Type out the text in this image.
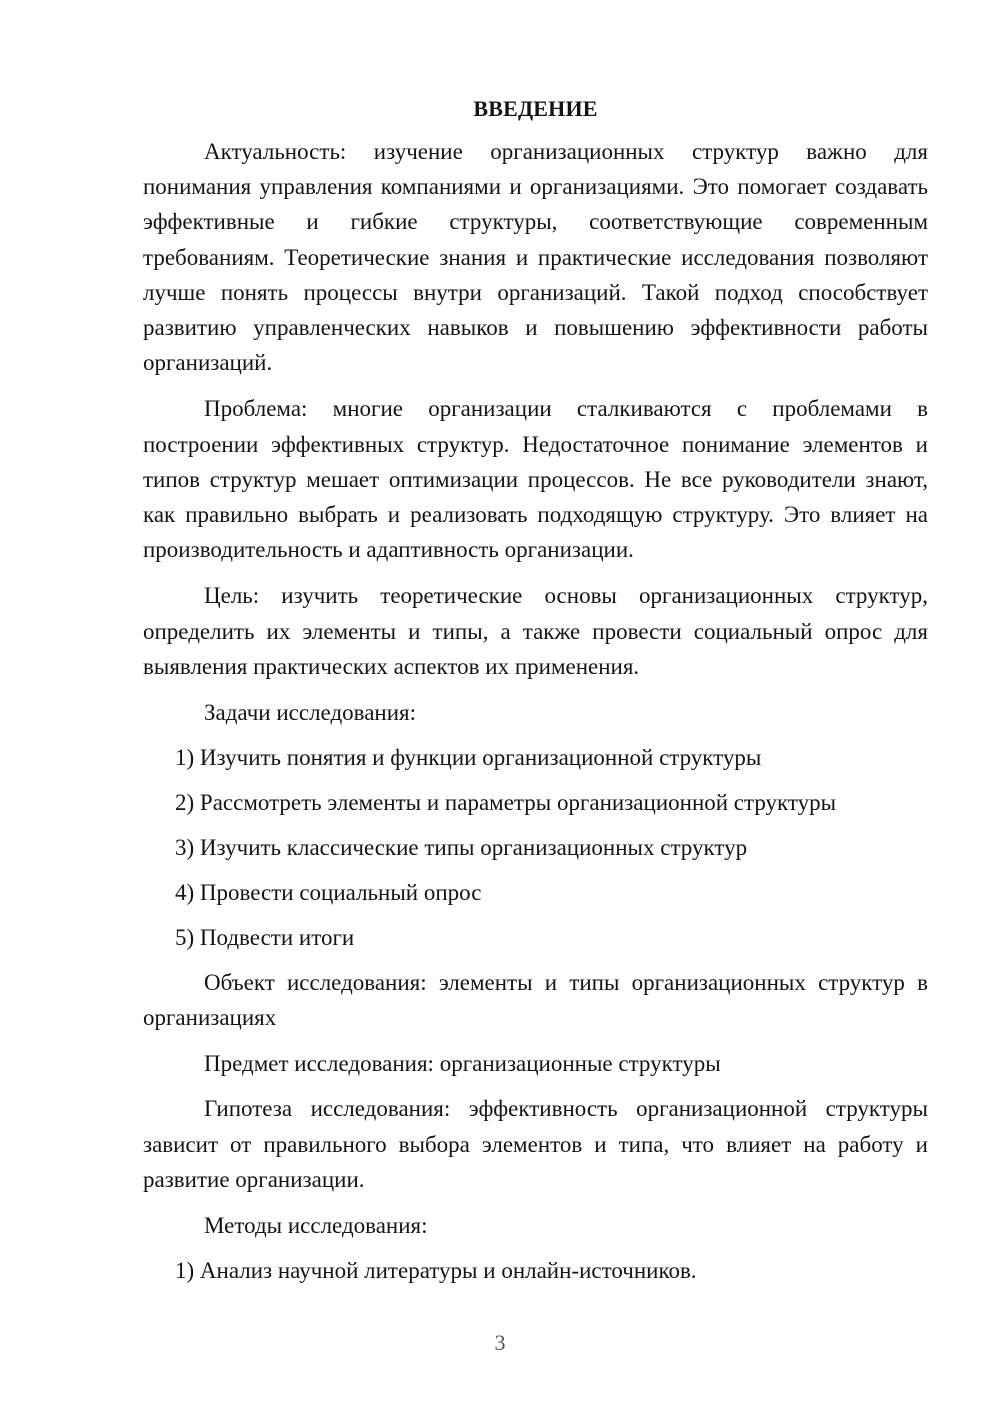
ВВЕДЕНИЕ

Актуальность: изучение организационных структур важно для понимания управления компаниями и организациями. Это помогает создавать эффективные и гибкие структуры, соответствующие современным требованиям. Теоретические знания и практические исследования позволяют лучше понять процессы внутри организаций. Такой подход способствует развитию управленческих навыков и повышению эффективности работы организаций.

Проблема: многие организации сталкиваются с проблемами в построении эффективных структур. Недостаточное понимание элементов и типов структур мешает оптимизации процессов. Не все руководители знают, как правильно выбрать и реализовать подходящую структуру. Это влияет на производительность и адаптивность организации.

Цель: изучить теоретические основы организационных структур, определить их элементы и типы, а также провести социальный опрос для выявления практических аспектов их применения.

Задачи исследования:
1) Изучить понятия и функции организационной структуры
2) Рассмотреть элементы и параметры организационной структуры
3) Изучить классические типы организационных структур
4) Провести социальный опрос
5) Подвести итоги

Объект исследования: элементы и типы организационных структур в организациях

Предмет исследования: организационные структуры

Гипотеза исследования: эффективность организационной структуры зависит от правильного выбора элементов и типа, что влияет на работу и развитие организации.

Методы исследования:
1) Анализ научной литературы и онлайн-источников.
3
